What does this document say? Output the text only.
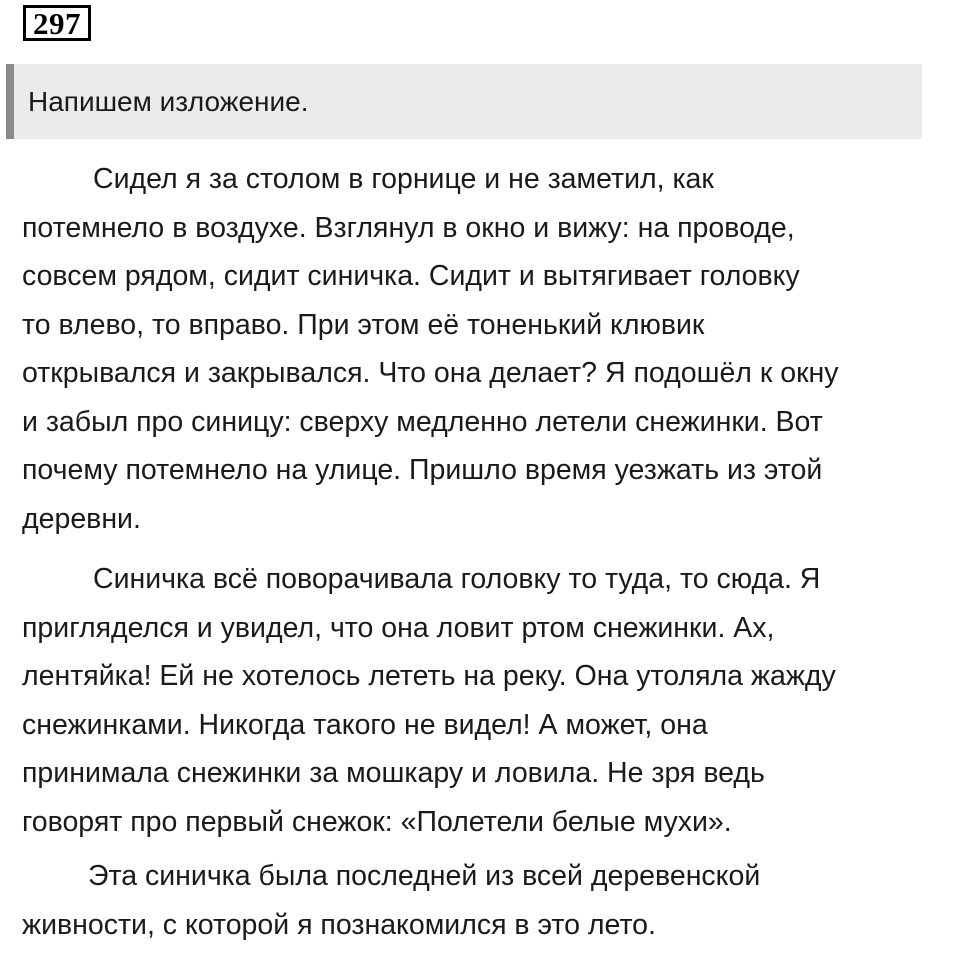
297
Напишем изложение.

Сидел я за столом в горнице и не заметил, как
потемнело в воздухе. Взглянул в окно и вижу: на проводе,
совсем рядом, сидит синичка. Сидит и вытягивает головку
то влево, то вправо. При этом её тоненький клювик
открывался и закрывался. Что она делает? Я подошёл к окну
и забыл про синицу: сверху медленно летели снежинки. Вот
почему потемнело на улице. Пришло время уезжать из этой
деревни.

Синичка всё поворачивала головку то туда, то сюда. Я
пригляделся и увидел, что она ловит ртом снежинки. Ах,
лентяйка! Ей не хотелось лететь на реку. Она утоляла жажду
снежинками. Никогда такого не видел! А может, она
принимала снежинки за мошкару и ловила. Не зря ведь
говорят про первый снежок: «Полетели белые мухи».

Эта синичка была последней из всей деревенской
живности, с которой я познакомился в это лето.
